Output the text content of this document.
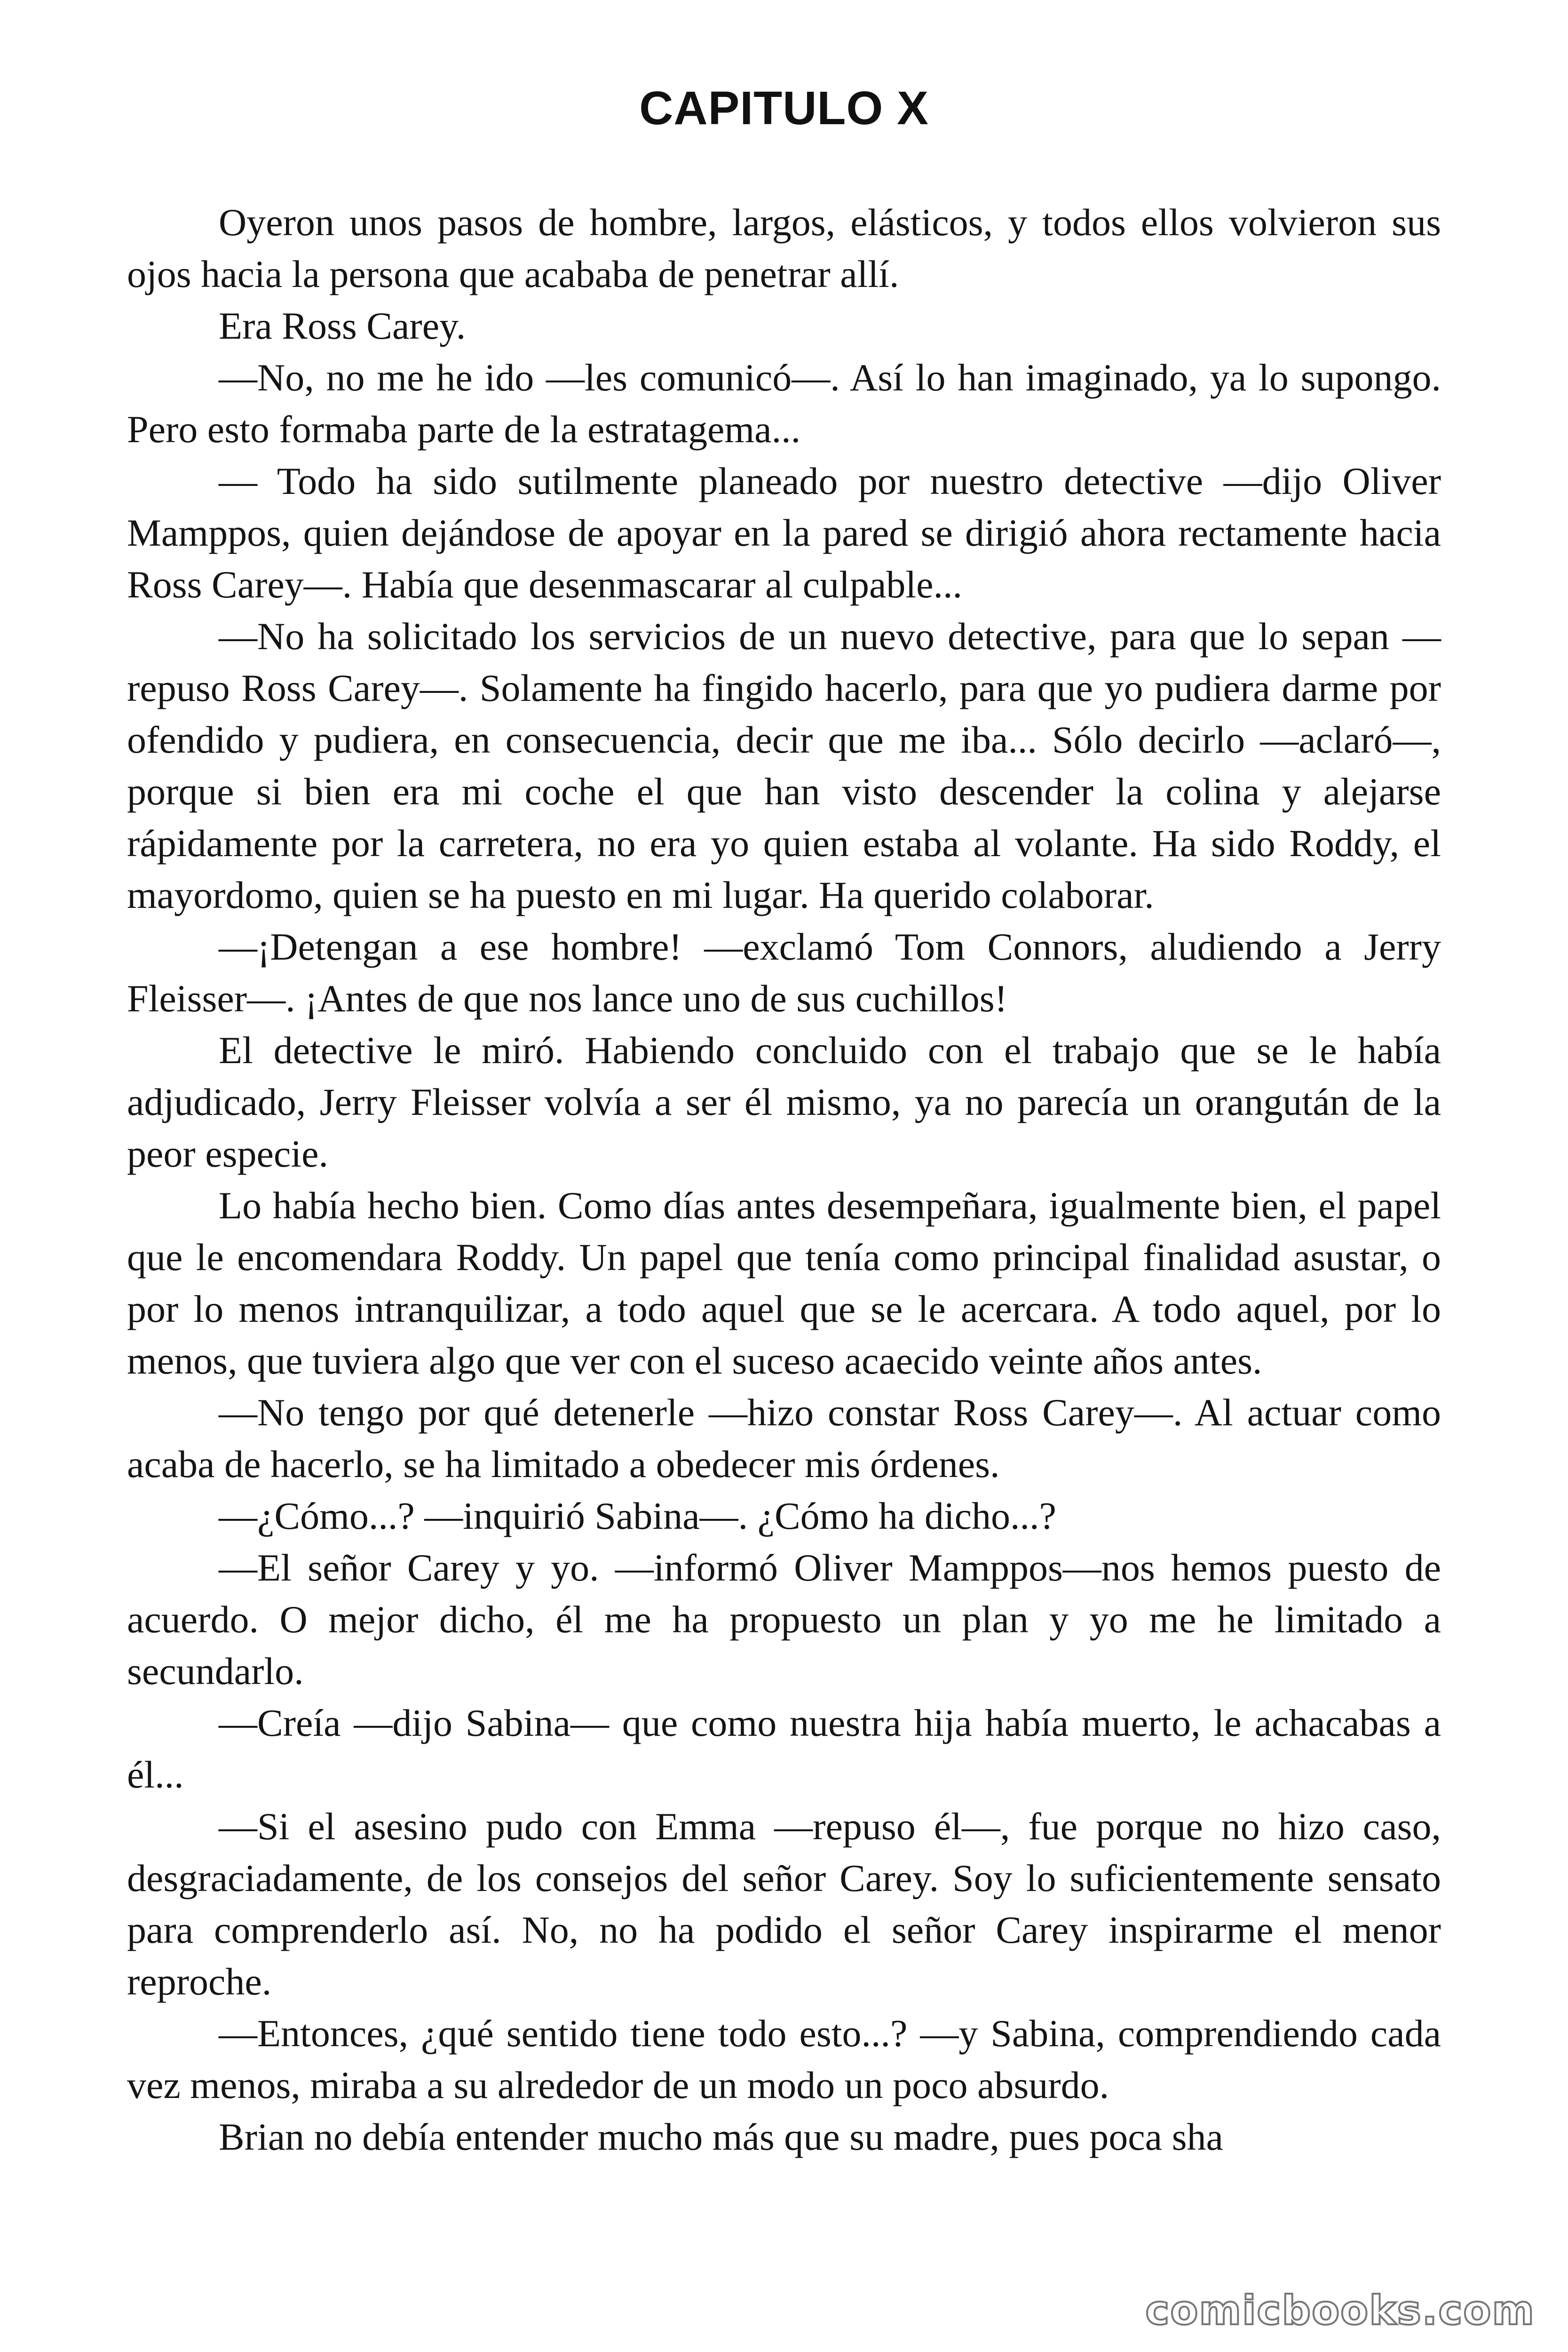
CAPITULO X

Oyeron unos pasos de hombre, largos, elásticos, y todos ellos volvieron sus ojos hacia la persona que acababa de penetrar allí.

Era Ross Carey.

—No, no me he ido —les comunicó—. Así lo han imaginado, ya lo supongo. Pero esto formaba parte de la estratagema...

— Todo ha sido sutilmente planeado por nuestro detective —dijo Oliver Mamppos, quien dejándose de apoyar en la pared se dirigió ahora rectamente hacia Ross Carey—. Había que desenmascarar al culpable...

—No ha solicitado los servicios de un nuevo detective, para que lo sepan —repuso Ross Carey—. Solamente ha fingido hacerlo, para que yo pudiera darme por ofendido y pudiera, en consecuencia, decir que me iba... Sólo decirlo —aclaró—, porque si bien era mi coche el que han visto descender la colina y alejarse rápidamente por la carretera, no era yo quien estaba al volante. Ha sido Roddy, el mayordomo, quien se ha puesto en mi lugar. Ha querido colaborar.

—¡Detengan a ese hombre! —exclamó Tom Connors, aludiendo a Jerry Fleisser—. ¡Antes de que nos lance uno de sus cuchillos!

El detective le miró. Habiendo concluido con el trabajo que se le había adjudicado, Jerry Fleisser volvía a ser él mismo, ya no parecía un orangután de la peor especie.

Lo había hecho bien. Como días antes desempeñara, igualmente bien, el papel que le encomendara Roddy. Un papel que tenía como principal finalidad asustar, o por lo menos intranquilizar, a todo aquel que se le acercara. A todo aquel, por lo menos, que tuviera algo que ver con el suceso acaecido veinte años antes.

—No tengo por qué detenerle —hizo constar Ross Carey—. Al actuar como acaba de hacerlo, se ha limitado a obedecer mis órdenes.

—¿Cómo...? —inquirió Sabina—. ¿Cómo ha dicho...?

—El señor Carey y yo. —informó Oliver Mamppos—nos hemos puesto de acuerdo. O mejor dicho, él me ha propuesto un plan y yo me he limitado a secundarlo.

—Creía —dijo Sabina— que como nuestra hija había muerto, le achacabas a él...

—Si el asesino pudo con Emma —repuso él—, fue porque no hizo caso, desgraciadamente, de los consejos del señor Carey. Soy lo suficientemente sensato para comprenderlo así. No, no ha podido el señor Carey inspirarme el menor reproche.

—Entonces, ¿qué sentido tiene todo esto...? —y Sabina, comprendiendo cada vez menos, miraba a su alrededor de un modo un poco absurdo.

Brian no debía entender mucho más que su madre, pues poca sha

comicbooks.com
